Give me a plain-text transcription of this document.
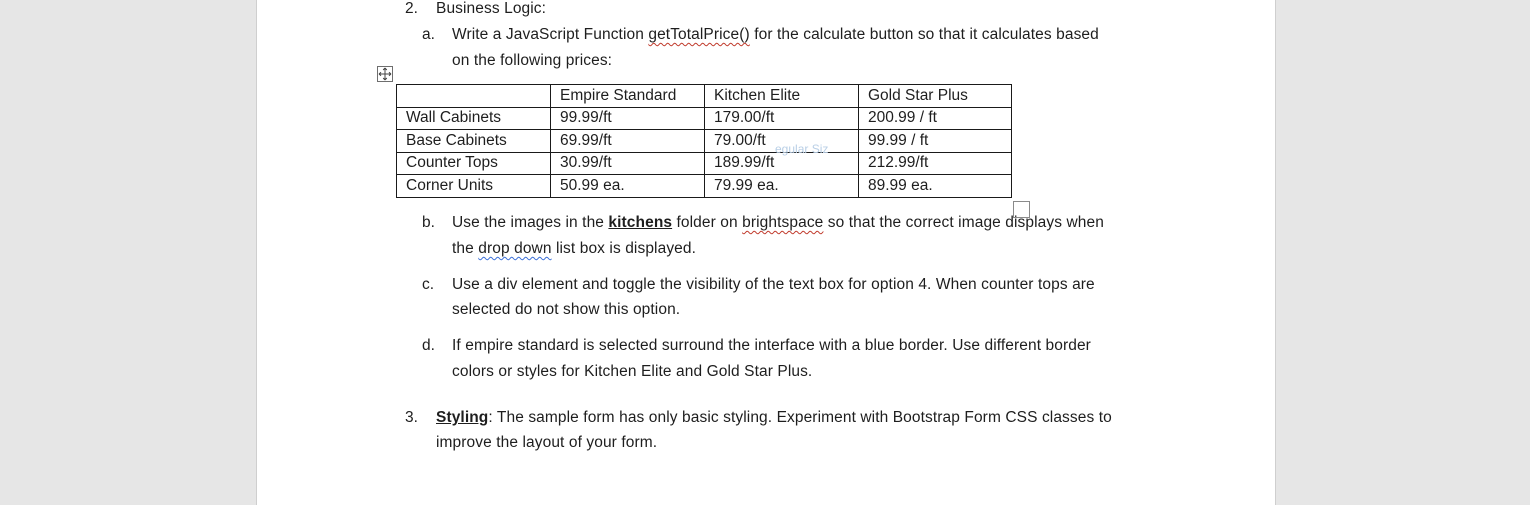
2. Business Logic:
a. Write a JavaScript Function getTotalPrice() for the calculate button so that it calculates based
on the following prices:
	Empire Standard	Kitchen Elite	Gold Star Plus
Wall Cabinets	99.99/ft	179.00/ft	200.99 / ft
Base Cabinets	69.99/ft	79.00/ft	99.99 / ft
Counter Tops	30.99/ft	189.99/ft	212.99/ft
Corner Units	50.99 ea.	79.99 ea.	89.99 ea.
egular Siz
b. Use the images in the kitchens folder on brightspace so that the correct image displays when
the drop down list box is displayed.
c. Use a div element and toggle the visibility of the text box for option 4. When counter tops are
selected do not show this option.
d. If empire standard is selected surround the interface with a blue border. Use different border
colors or styles for Kitchen Elite and Gold Star Plus.
3. Styling: The sample form has only basic styling. Experiment with Bootstrap Form CSS classes to
improve the layout of your form.
